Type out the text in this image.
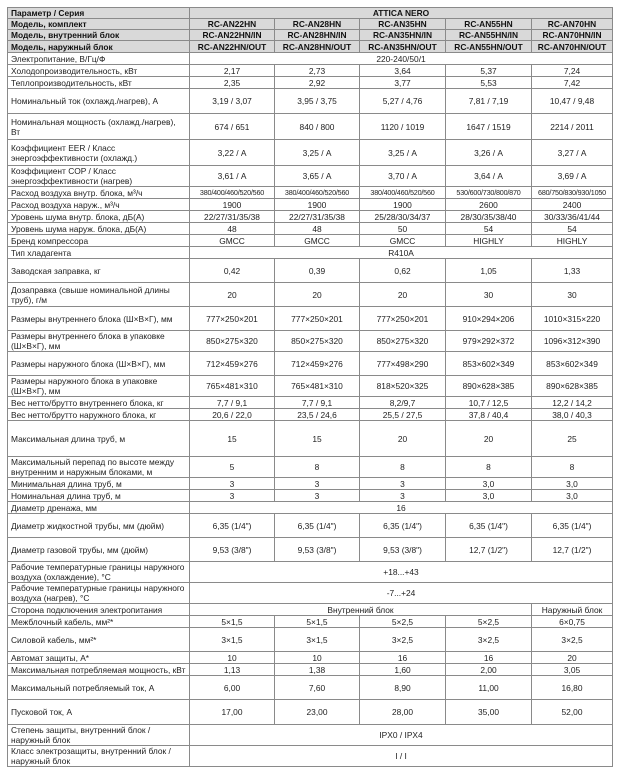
Параметр / Серия	ATTICA NERO				
Модель, комплект	RC-AN22HN	RC-AN28HN	RC-AN35HN	RC-AN55HN	RC-AN70HN
Модель, внутренний блок	RC-AN22HN/IN	RC-AN28HN/IN	RC-AN35HN/IN	RC-AN55HN/IN	RC-AN70HN/IN
Модель, наружный блок	RC-AN22HN/OUT	RC-AN28HN/OUT	RC-AN35HN/OUT	RC-AN55HN/OUT	RC-AN70HN/OUT
Электропитание, В/Гц/Ф	220-240/50/1				
Холодопроизводительность, кВт	2,17	2,73	3,64	5,37	7,24
Теплопроизводительность, кВт	2,35	2,92	3,77	5,53	7,42
Номинальный ток (охлажд./нагрев), А	3,19 / 3,07	3,95 / 3,75	5,27 / 4,76	7,81 / 7,19	10,47 / 9,48
Номинальная мощность (охлажд./нагрев), Вт	674 / 651	840 / 800	1120 / 1019	1647 / 1519	2214 / 2011
Коэффициент EER / Класс энергоэффективности (охлажд.)	3,22 / А	3,25 / А	3,25 / А	3,26 / А	3,27 / А
Коэффициент COP / Класс энергоэффективности (нагрев)	3,61 / А	3,65 / А	3,70 / А	3,64 / А	3,69 / А
Расход воздуха внутр. блока, м³/ч	380/400/460/520/560	380/400/460/520/560	380/400/460/520/560	530/600/730/800/870	680/750/830/930/1050
Расход воздуха наруж., м³/ч	1900	1900	1900	2600	2400
Уровень шума внутр. блока, дБ(А)	22/27/31/35/38	22/27/31/35/38	25/28/30/34/37	28/30/35/38/40	30/33/36/41/44
Уровень шума наруж. блока, дБ(А)	48	48	50	54	54
Бренд компрессора	GMCC	GMCC	GMCC	HIGHLY	HIGHLY
Тип хладагента	R410A				
Заводская заправка, кг	0,42	0,39	0,62	1,05	1,33
Дозаправка (свыше номинальной длины труб), г/м	20	20	20	30	30
Размеры внутреннего блока (Ш×В×Г), мм	777×250×201	777×250×201	777×250×201	910×294×206	1010×315×220
Размеры внутреннего блока в упаковке (Ш×В×Г), мм	850×275×320	850×275×320	850×275×320	979×292×372	1096×312×390
Размеры наружного блока (Ш×В×Г), мм	712×459×276	712×459×276	777×498×290	853×602×349	853×602×349
Размеры наружного блока в упаковке (Ш×В×Г), мм	765×481×310	765×481×310	818×520×325	890×628×385	890×628×385
Вес нетто/брутто внутреннего блока, кг	7,7 / 9,1	7,7 / 9,1	8,2/9,7	10,7 / 12,5	12,2 / 14,2
Вес нетто/брутто наружного блока, кг	20,6 / 22,0	23,5 / 24,6	25,5 / 27,5	37,8 / 40,4	38,0 / 40,3
Максимальная длина труб, м	15	15	20	20	25
Максимальный перепад по высоте между внутренним и наружным блоками, м	5	8	8	8	8
Минимальная длина труб, м	3	3	3	3,0	3,0
Номинальная длина труб, м	3	3	3	3,0	3,0
Диаметр дренажа, мм	16				
Диаметр жидкостной трубы, мм (дюйм)	6,35 (1/4")	6,35 (1/4")	6,35 (1/4")	6,35 (1/4")	6,35 (1/4")
Диаметр газовой трубы, мм (дюйм)	9,53 (3/8")	9,53 (3/8")	9,53 (3/8")	12,7 (1/2")	12,7 (1/2")
Рабочие температурные границы наружного воздуха (охлаждение), °С	+18...+43				
Рабочие температурные границы наружного воздуха (нагрев), °С	-7...+24				
Сторона подключения электропитания	Внутренний блок				Наружный блок
Межблочный кабель, мм²*	5×1,5	5×1,5	5×2,5	5×2,5	6×0,75
Силовой кабель, мм²*	3×1,5	3×1,5	3×2,5	3×2,5	3×2,5
Автомат защиты, А*	10	10	16	16	20
Максимальная потребляемая мощность, кВт	1,13	1,38	1,60	2,00	3,05
Максимальный потребляемый ток, А	6,00	7,60	8,90	11,00	16,80
Пусковой ток, А	17,00	23,00	28,00	35,00	52,00
Степень защиты, внутренний блок / наружный блок	IPX0 / IPX4				
Класс электрозащиты, внутренний блок / наружный блок	I / I				
